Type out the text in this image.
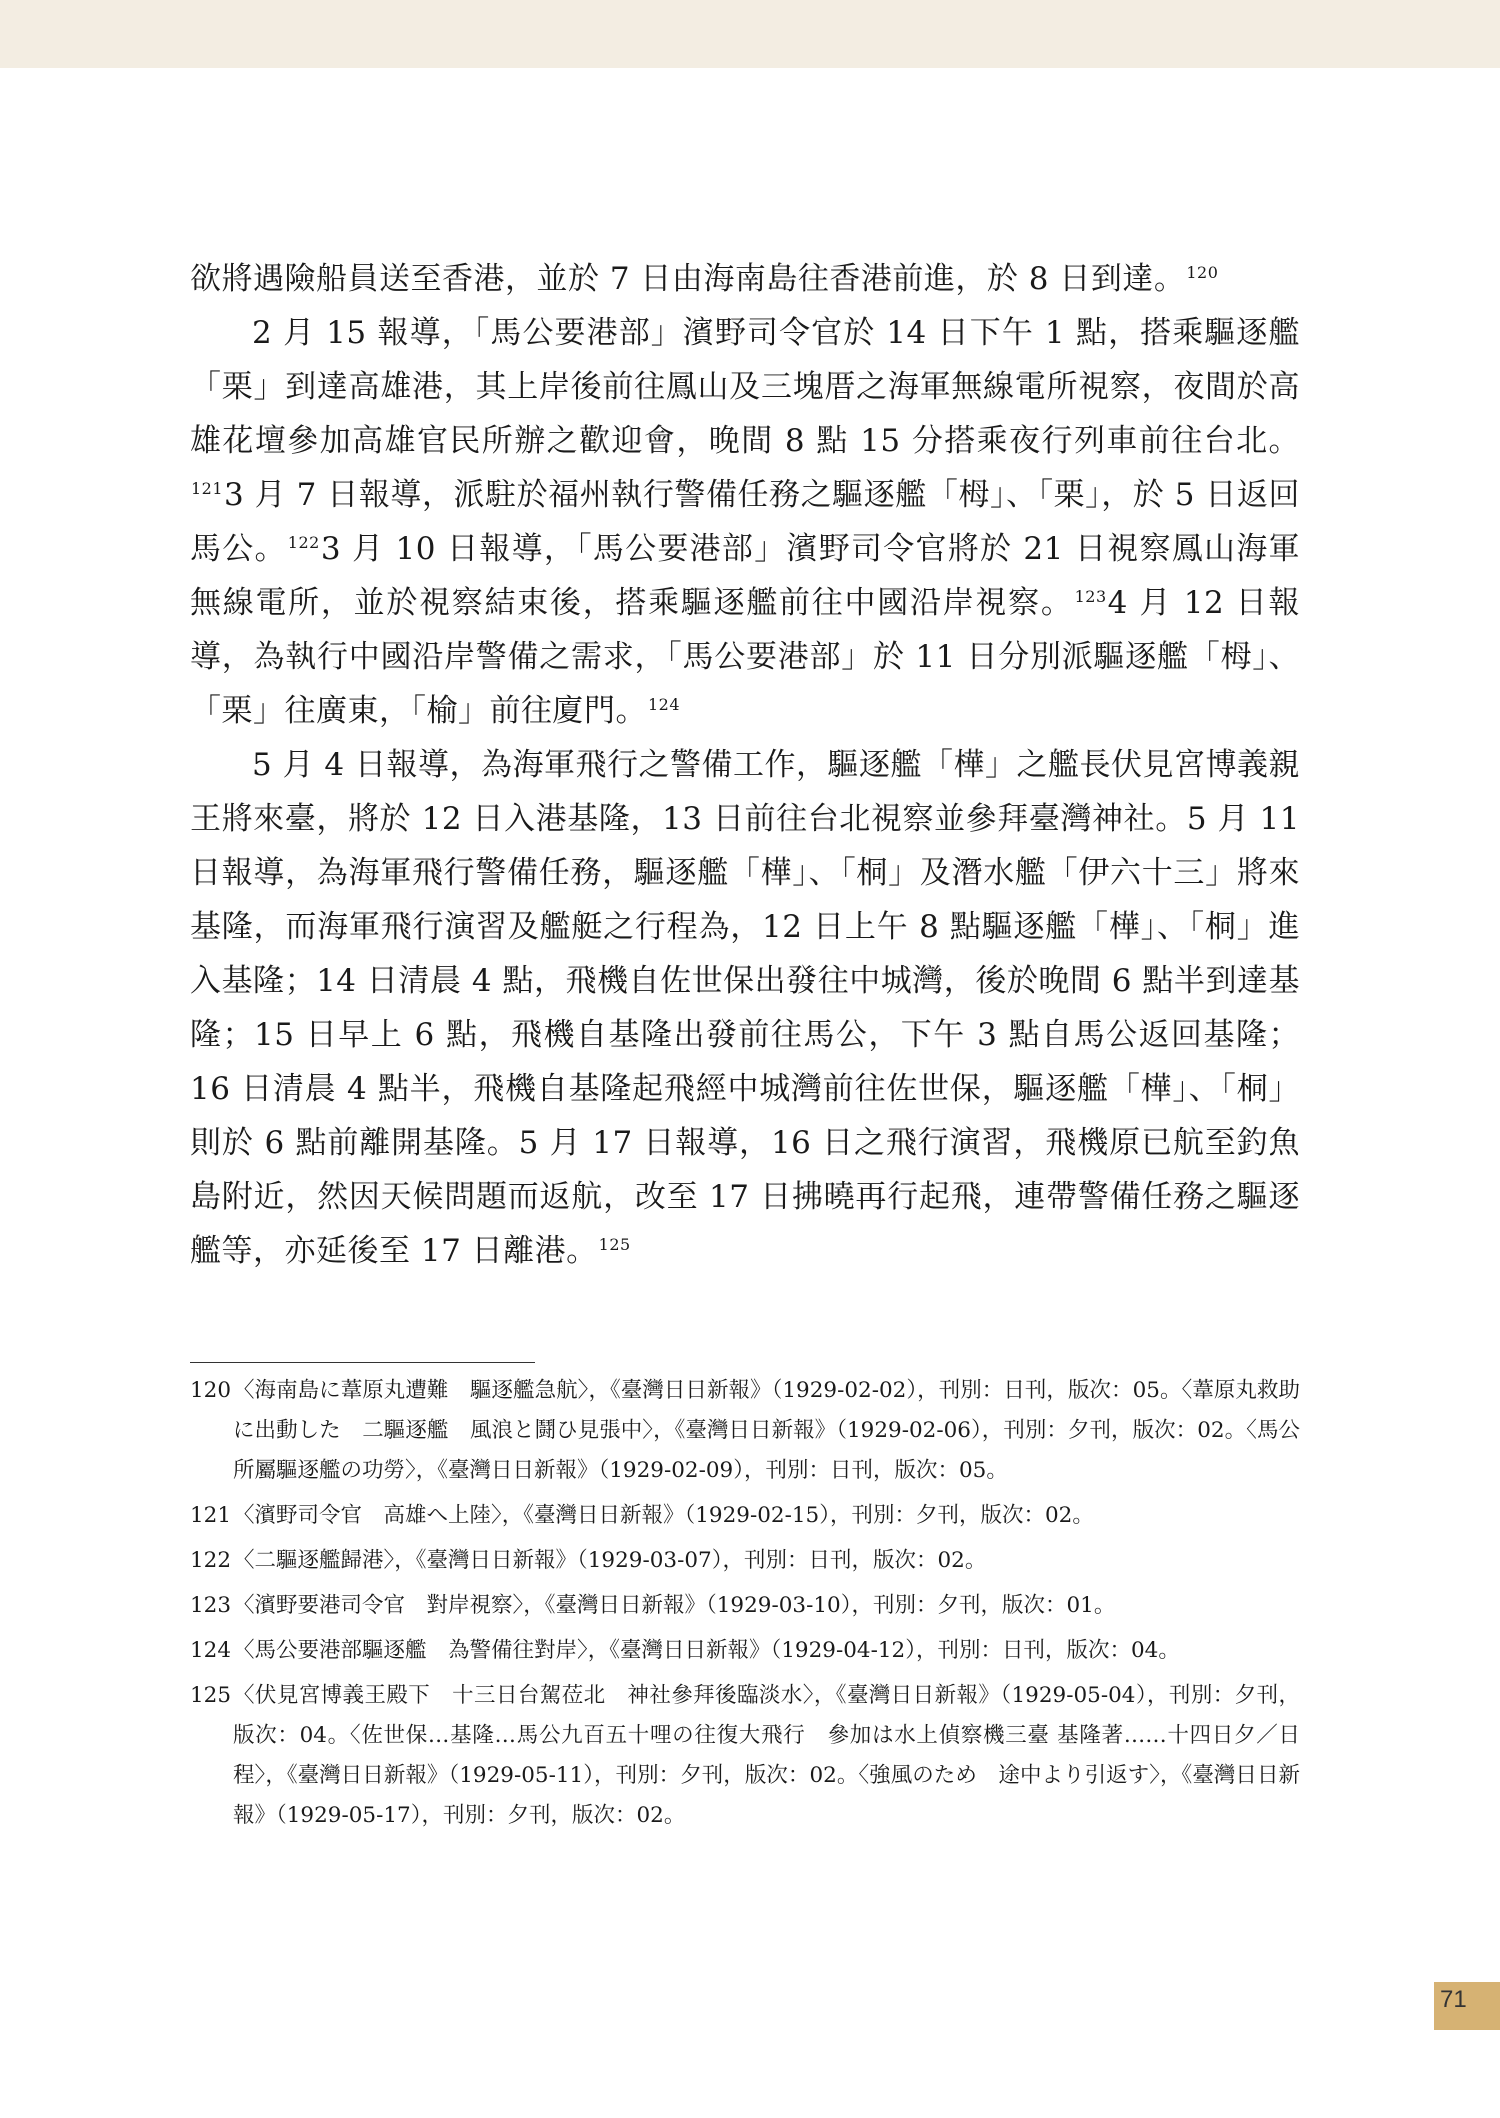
欲將遇險船員送至香港，並於 7 日由海南島往香港前進，於 8 日到達。$^{120}$

2 月 15 報導，「馬公要港部」濱野司令官於 14 日下午 1 點，搭乘驅逐艦「栗」到達高雄港，其上岸後前往鳳山及三塊厝之海軍無線電所視察，夜間於高雄花壇參加高雄官民所辦之歡迎會，晚間 8 點 15 分搭乘夜行列車前往台北。$^{121}$3 月 7 日報導，派駐於福州執行警備任務之驅逐艦「栂」、「栗」，於 5 日返回馬公。$^{122}$3 月 10 日報導，「馬公要港部」濱野司令官將於 21 日視察鳳山海軍無線電所，並於視察結束後，搭乘驅逐艦前往中國沿岸視察。$^{123}$4 月 12 日報導，為執行中國沿岸警備之需求，「馬公要港部」於 11 日分別派驅逐艦「栂」、「栗」往廣東，「榆」前往廈門。$^{124}$

5 月 4 日報導，為海軍飛行之警備工作，驅逐艦「樺」之艦長伏見宮博義親王將來臺，將於 12 日入港基隆，13 日前往台北視察並參拜臺灣神社。5 月 11 日報導，為海軍飛行警備任務，驅逐艦「樺」、「桐」及潛水艦「伊六十三」將來基隆，而海軍飛行演習及艦艇之行程為，12 日上午 8 點驅逐艦「樺」、「桐」進入基隆；14 日清晨 4 點，飛機自佐世保出發往中城灣，後於晚間 6 點半到達基隆；15 日早上 6 點，飛機自基隆出發前往馬公，下午 3 點自馬公返回基隆；16 日清晨 4 點半，飛機自基隆起飛經中城灣前往佐世保，驅逐艦「樺」、「桐」則於 6 點前離開基隆。5 月 17 日報導，16 日之飛行演習，飛機原已航至釣魚島附近，然因天候問題而返航，改至 17 日拂曉再行起飛，連帶警備任務之驅逐艦等，亦延後至 17 日離港。$^{125}$

120 〈海南島に葦原丸遭難　驅逐艦急航〉，《臺灣日日新報》（1929-02-02），刊別：日刊，版次：05。〈葦原丸救助に出動した　二驅逐艦　風浪と鬪ひ見張中〉，《臺灣日日新報》（1929-02-06），刊別：夕刊，版次：02。〈馬公所屬驅逐艦の功勞〉，《臺灣日日新報》（1929-02-09），刊別：日刊，版次：05。
121 〈濱野司令官　高雄へ上陸〉，《臺灣日日新報》（1929-02-15），刊別：夕刊，版次：02。
122 〈二驅逐艦歸港〉，《臺灣日日新報》（1929-03-07），刊別：日刊，版次：02。
123 〈濱野要港司令官　對岸視察〉，《臺灣日日新報》（1929-03-10），刊別：夕刊，版次：01。
124 〈馬公要港部驅逐艦　為警備往對岸〉，《臺灣日日新報》（1929-04-12），刊別：日刊，版次：04。
125 〈伏見宮博義王殿下　十三日台駕莅北　神社參拜後臨淡水〉，《臺灣日日新報》（1929-05-04），刊別：夕刊，版次：04。〈佐世保…基隆…馬公九百五十哩の往復大飛行　參加は水上偵察機三臺 基隆著……十四日夕／日程〉，《臺灣日日新報》（1929-05-11），刊別：夕刊，版次：02。〈強風のため　途中より引返す〉，《臺灣日日新報》（1929-05-17），刊別：夕刊，版次：02。
71
